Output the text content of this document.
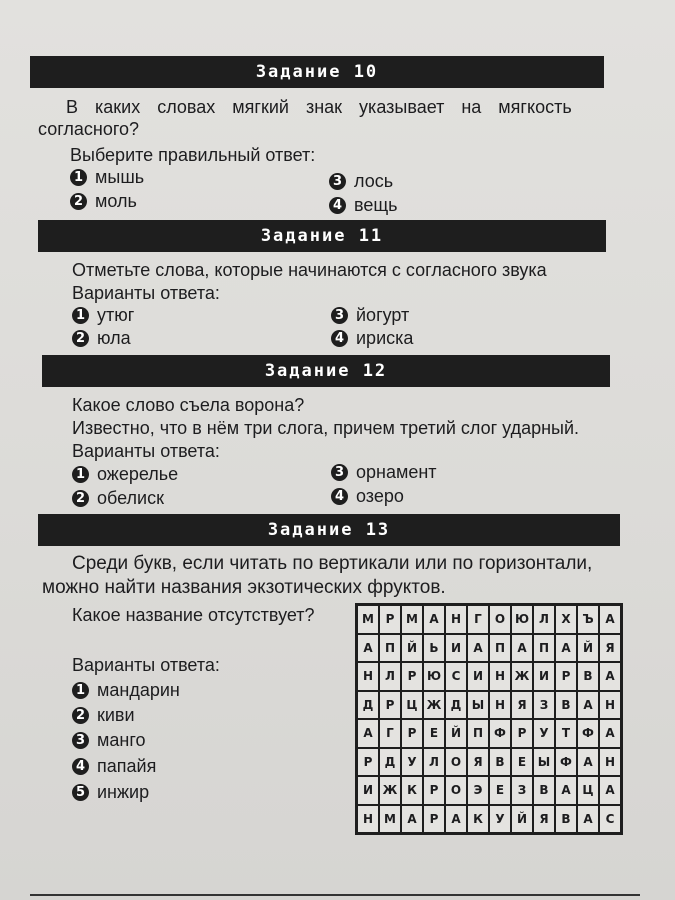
Задание 10
В каких словах мягкий знак указывает на мягкость
согласного?
Выберите правильный ответ:
1 мышь
2 моль
3 лось
4 вещь
Задание 11
Отметьте слова, которые начинаются с согласного звука
Варианты ответа:
1 утюг
2 юла
3 йогурт
4 ириска
Задание 12
Какое слово съела ворона?
Известно, что в нём три слога, причем третий слог ударный.
Варианты ответа:
1 ожерелье
2 обелиск
3 орнамент
4 озеро
Задание 13
Среди букв, если читать по вертикали или по горизонтали,
можно найти названия экзотических фруктов.
Какое название отсутствует?
Варианты ответа:
1 мандарин
2 киви
3 манго
4 папайя
5 инжир
М Р М А	Н	Г	О Ю Л	Х Ъ А
А	П Й	Ь	И	А	П	А	П	А	Й	Я
Н	Л	Р Ю С	И Н Ж И	Р	В	А
Д	Р	Ц Ж Д Ы Н	Я	З	В	А	Н
А	Г	Р	Е	Й П Ф Р	У	Т Ф А
Р	Д	У	Л О	Я	В	Е Ы Ф А	Н
И Ж К	Р	О	Э	Е	З	В	А Ц А
Н М А	Р	А	К	У	Й	Я	В	А	С
